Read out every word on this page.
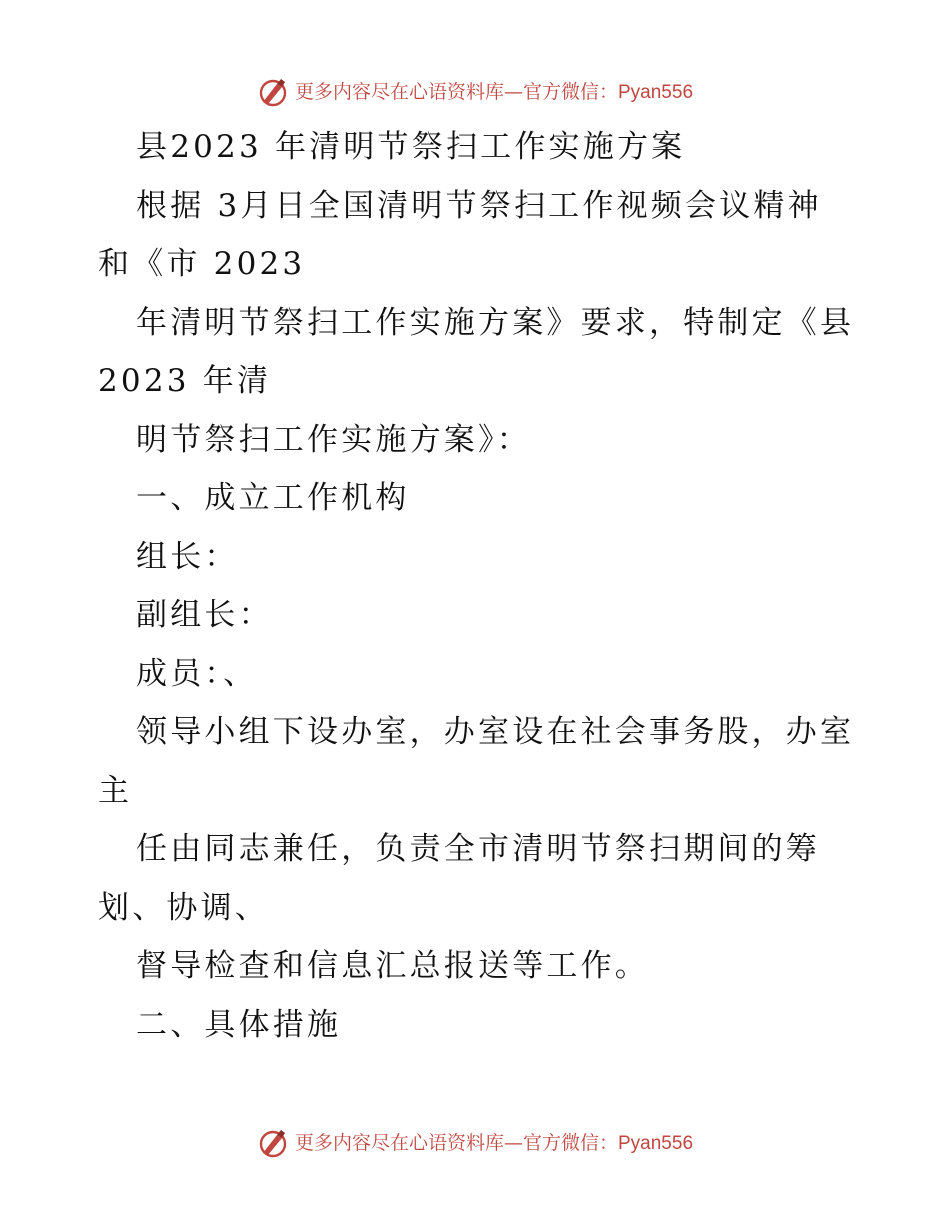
更多内容尽在心语资料库—官方微信：Pyan556
县2023 年清明节祭扫工作实施方案
根据 3月日全国清明节祭扫工作视频会议精神
和《市 2023
年清明节祭扫工作实施方案》要求，特制定《县
2023 年清
明节祭扫工作实施方案》：
一、成立工作机构
组长：
副组长：
成员：、
领导小组下设办室，办室设在社会事务股，办室
主
任由同志兼任，负责全市清明节祭扫期间的筹
划、协调、
督导检查和信息汇总报送等工作。
二、具体措施
更多内容尽在心语资料库—官方微信：Pyan556
